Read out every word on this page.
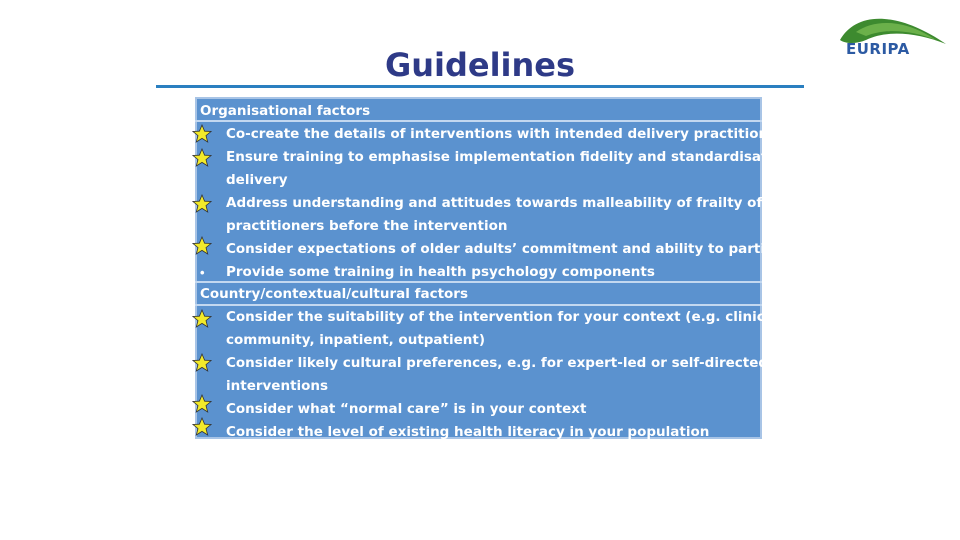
Guidelines	EURIPA
Organisational factors
Co-create the details of interventions with intended delivery practitioners
Ensure training to emphasise implementation fidelity and standardisation of
delivery
Address understanding and attitudes towards malleability of frailty of
practitioners before the intervention
Consider expectations of older adults’ commitment and ability to participate
• Provide some training in health psychology components
Country/contextual/cultural factors
Consider the suitability of the intervention for your context (e.g. clinical,
community, inpatient, outpatient)
Consider likely cultural preferences, e.g. for expert-led or self-directed
interventions
Consider what “normal care” is in your context
Consider the level of existing health literacy in your population
